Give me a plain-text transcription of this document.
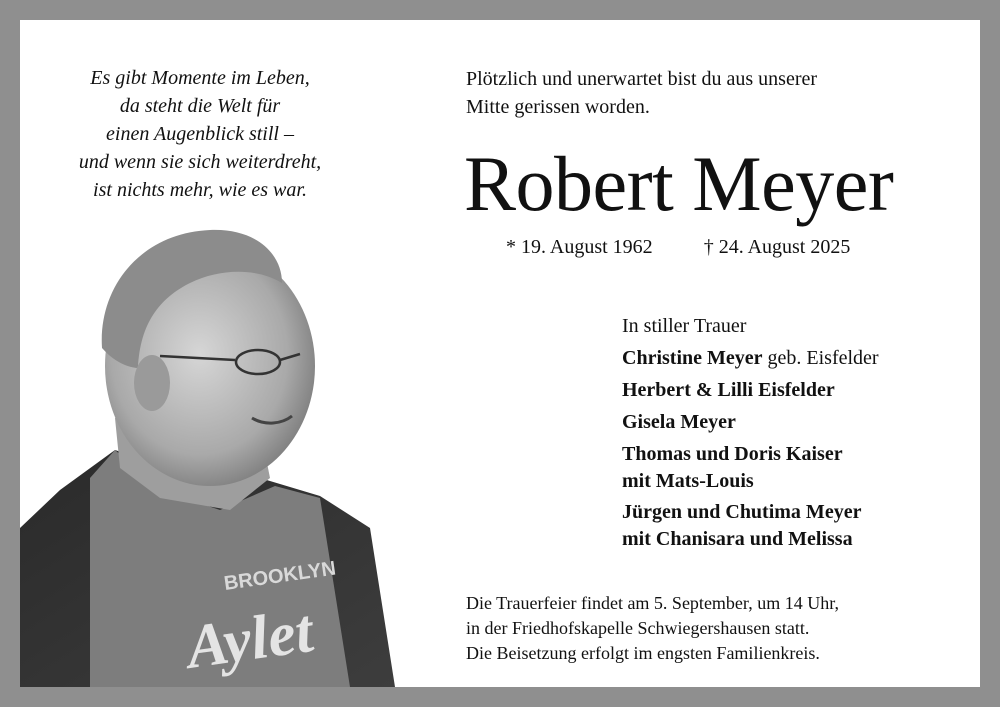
Es gibt Momente im Leben,
da steht die Welt für
einen Augenblick still –
und wenn sie sich weiterdreht,
ist nichts mehr, wie es war.
Plötzlich und unerwartet bist du aus unserer
Mitte gerissen worden.
Robert Meyer
* 19. August 1962	† 24. August 2025
In stiller Trauer
Christine Meyer geb. Eisfelder
Herbert & Lilli Eisfelder
Gisela Meyer
Thomas und Doris Kaiser
mit Mats-Louis
Jürgen und Chutima Meyer
mit Chanisara und Melissa
Die Trauerfeier findet am 5. September, um 14 Uhr,
in der Friedhofskapelle Schwiegershausen statt.
Die Beisetzung erfolgt im engsten Familienkreis.
BROOKLYN
Aylet
